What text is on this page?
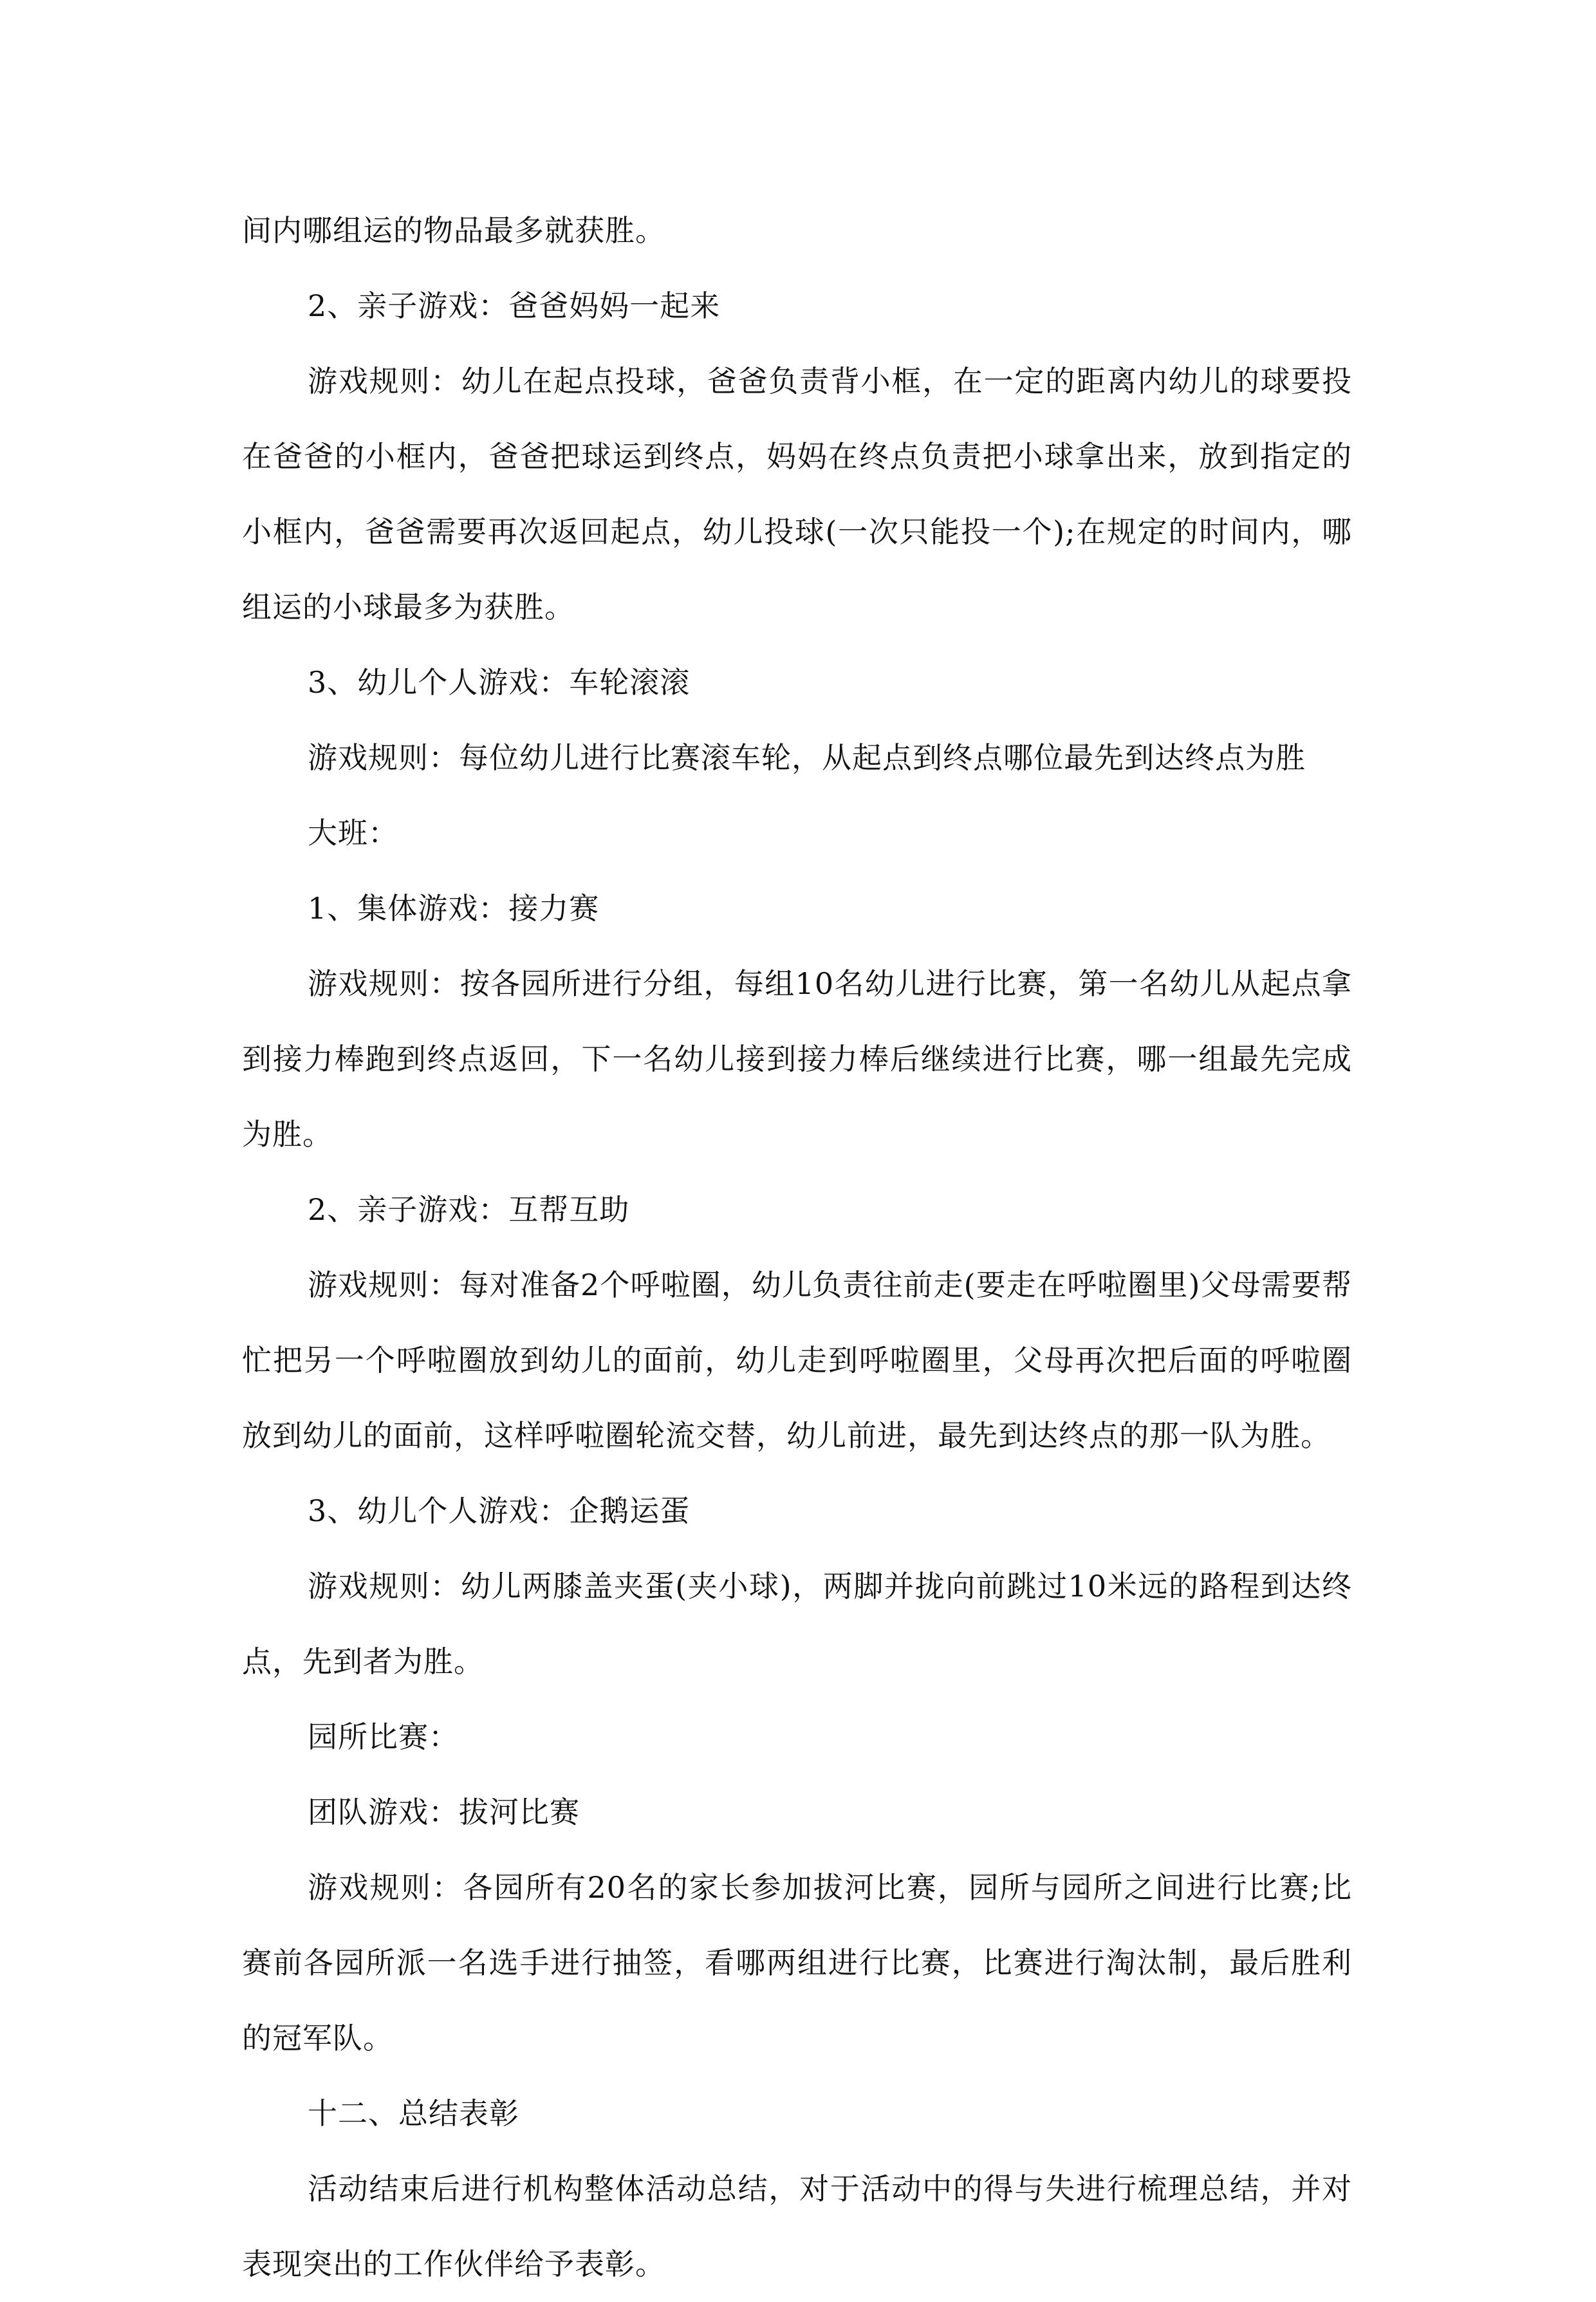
间内哪组运的物品最多就获胜。

2、亲子游戏：爸爸妈妈一起来

游戏规则：幼儿在起点投球，爸爸负责背小框，在一定的距离内幼儿的球要投在爸爸的小框内，爸爸把球运到终点，妈妈在终点负责把小球拿出来，放到指定的小框内，爸爸需要再次返回起点，幼儿投球(一次只能投一个);在规定的时间内，哪组运的小球最多为获胜。

3、幼儿个人游戏：车轮滚滚

游戏规则：每位幼儿进行比赛滚车轮，从起点到终点哪位最先到达终点为胜

大班：

1、集体游戏：接力赛

游戏规则：按各园所进行分组，每组10名幼儿进行比赛，第一名幼儿从起点拿到接力棒跑到终点返回，下一名幼儿接到接力棒后继续进行比赛，哪一组最先完成为胜。

2、亲子游戏：互帮互助

游戏规则：每对准备2个呼啦圈，幼儿负责往前走(要走在呼啦圈里)父母需要帮忙把另一个呼啦圈放到幼儿的面前，幼儿走到呼啦圈里，父母再次把后面的呼啦圈放到幼儿的面前，这样呼啦圈轮流交替，幼儿前进，最先到达终点的那一队为胜。

3、幼儿个人游戏：企鹅运蛋

游戏规则：幼儿两膝盖夹蛋(夹小球)，两脚并拢向前跳过10米远的路程到达终点，先到者为胜。

园所比赛：

团队游戏：拔河比赛

游戏规则：各园所有20名的家长参加拔河比赛，园所与园所之间进行比赛;比赛前各园所派一名选手进行抽签，看哪两组进行比赛，比赛进行淘汰制，最后胜利的冠军队。

十二、总结表彰

活动结束后进行机构整体活动总结，对于活动中的得与失进行梳理总结，并对表现突出的工作伙伴给予表彰。
